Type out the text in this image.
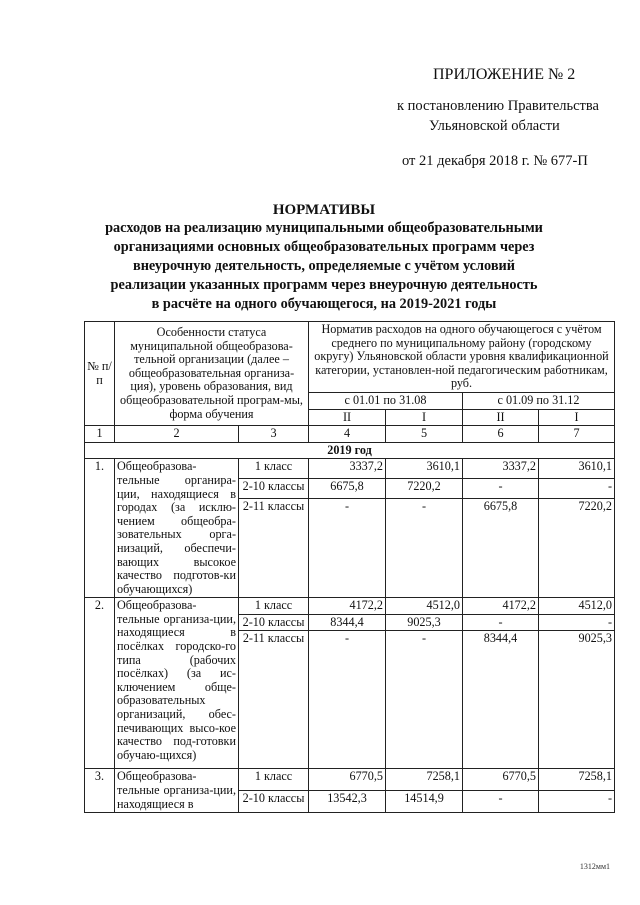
ПРИЛОЖЕНИЕ № 2
к постановлению Правительства
Ульяновской области
от 21 декабря 2018 г. № 677-П
НОРМАТИВЫ
расходов на реализацию муниципальными общеобразовательными
организациями основных общеобразовательных программ через
внеурочную деятельность, определяемые с учётом условий
реализации указанных программ через внеурочную деятельность
в расчёте на одного обучающегося, на 2019-2021 годы
№ п/п	Особенности статуса муниципальной общеобразова-тельной организации (далее – общеобразовательная организа-ция), уровень образования, вид общеобразовательной програм-мы, форма обучения		Норматив расходов на одного обучающегося с учётом среднего по муниципальному району (городскому округу) Ульяновской области уровня квалификационной категории, установлен-ной педагогическим работникам, руб.			
			с 01.01 по 31.08		с 01.09 по 31.12	
			II	I	II	I
1	2	3	4	5	6	7
2019 год						
1.	Общеобразова-тельные органиpa-ции, находящиеся в городах (за исклю-чением общеобра-зовательных орга-низаций, обеспечи-вающих высокое качество подготов-ки обучающихся)	1 класс	3337,2	3610,1	3337,2	3610,1
		2-10 классы	6675,8	7220,2	-	-
		2-11 классы	-	-	6675,8	7220,2
2.	Общеобразова-тельные организа-ции, находящиеся в посёлках городско-го типа (рабочих посёлках) (за ис-ключением обще-образовательных организаций, обес-печивающих высо-кое качество под-готовки обучаю-щихся)	1 класс	4172,2	4512,0	4172,2	4512,0
		2-10 классы	8344,4	9025,3	-	-
		2-11 классы	-	-	8344,4	9025,3
3.	Общеобразова-тельные организа-ции, находящиеся в	1 класс	6770,5	7258,1	6770,5	7258,1
		2-10 классы	13542,3	14514,9	-	-
1312мм1
